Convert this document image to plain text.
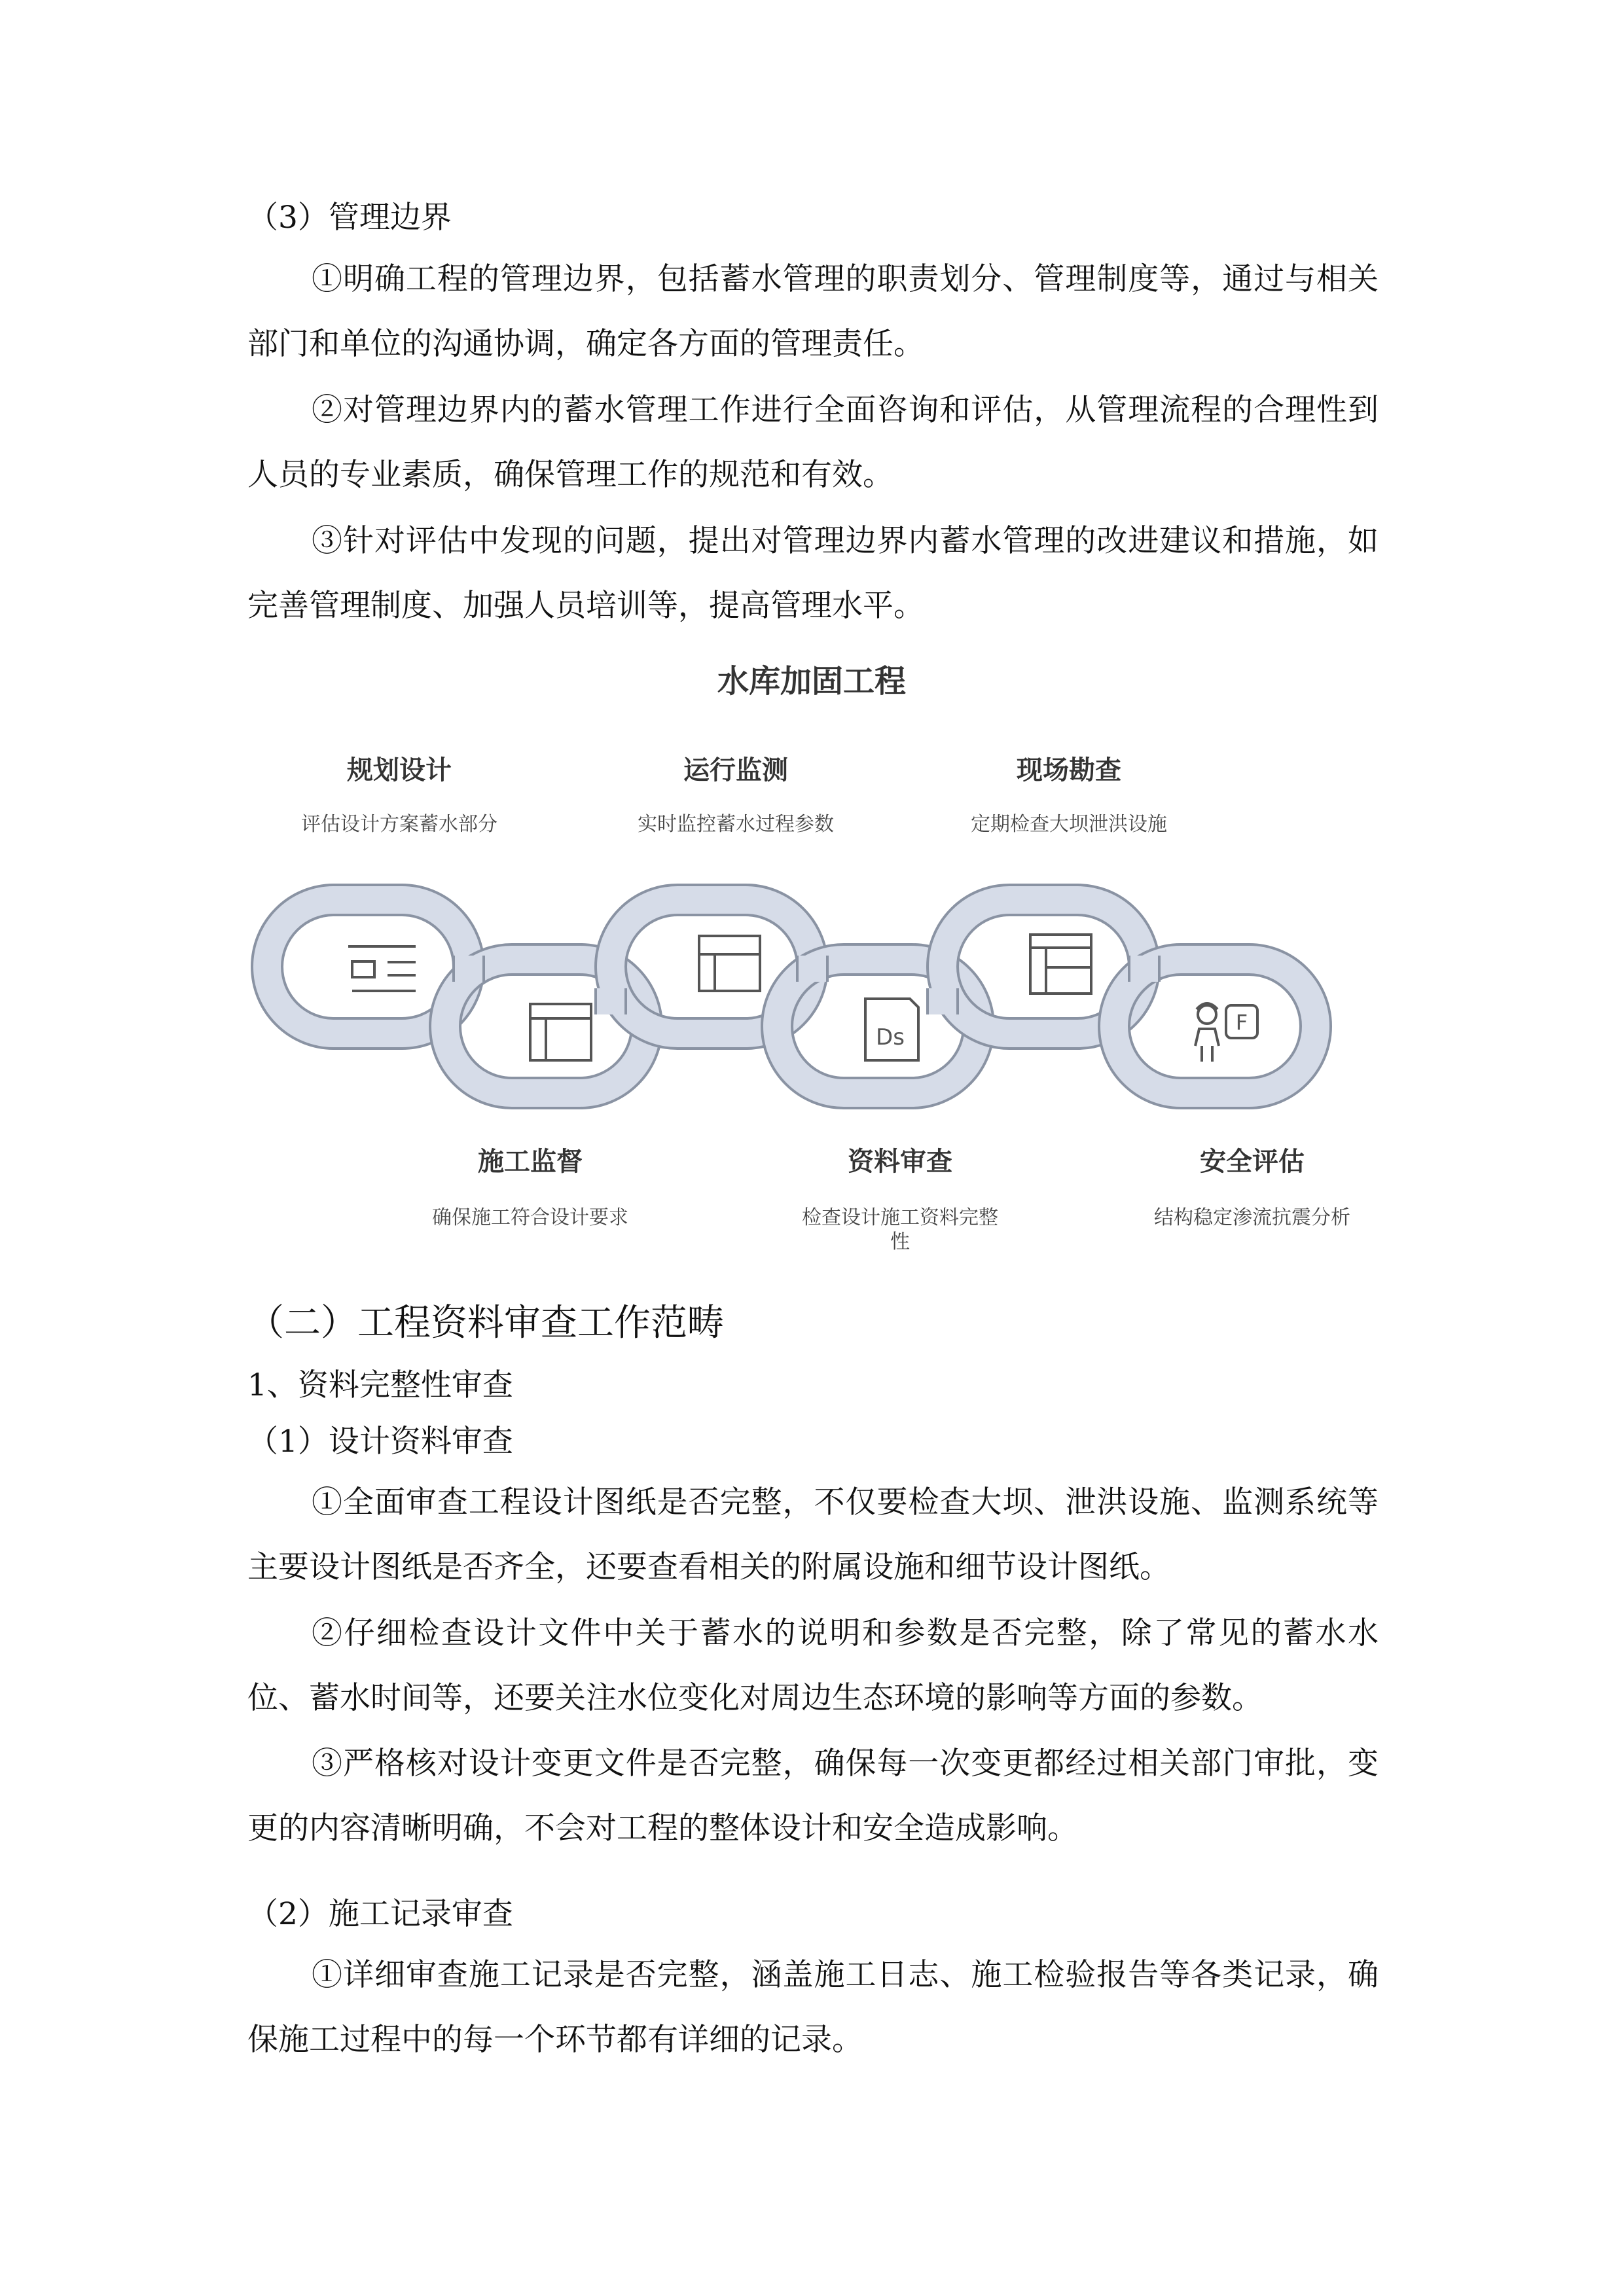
（3）管理边界
①明确工程的管理边界，包括蓄水管理的职责划分、管理制度等，通过与相关部门和单位的沟通协调，确定各方面的管理责任。
②对管理边界内的蓄水管理工作进行全面咨询和评估，从管理流程的合理性到人员的专业素质，确保管理工作的规范和有效。
③针对评估中发现的问题，提出对管理边界内蓄水管理的改进建议和措施，如完善管理制度、加强人员培训等，提高管理水平。
水库加固工程
规划设计
评估设计方案蓄水部分
运行监测
实时监控蓄水过程参数
现场勘查
定期检查大坝泄洪设施
Ds
F
施工监督
确保施工符合设计要求
资料审查
检查设计施工资料完整
性
安全评估
结构稳定渗流抗震分析
（二）工程资料审查工作范畴
1、资料完整性审查
（1）设计资料审查
①全面审查工程设计图纸是否完整，不仅要检查大坝、泄洪设施、监测系统等主要设计图纸是否齐全，还要查看相关的附属设施和细节设计图纸。
②仔细检查设计文件中关于蓄水的说明和参数是否完整，除了常见的蓄水水位、蓄水时间等，还要关注水位变化对周边生态环境的影响等方面的参数。
③严格核对设计变更文件是否完整，确保每一次变更都经过相关部门审批，变更的内容清晰明确，不会对工程的整体设计和安全造成影响。
（2）施工记录审查
①详细审查施工记录是否完整，涵盖施工日志、施工检验报告等各类记录，确保施工过程中的每一个环节都有详细的记录。
